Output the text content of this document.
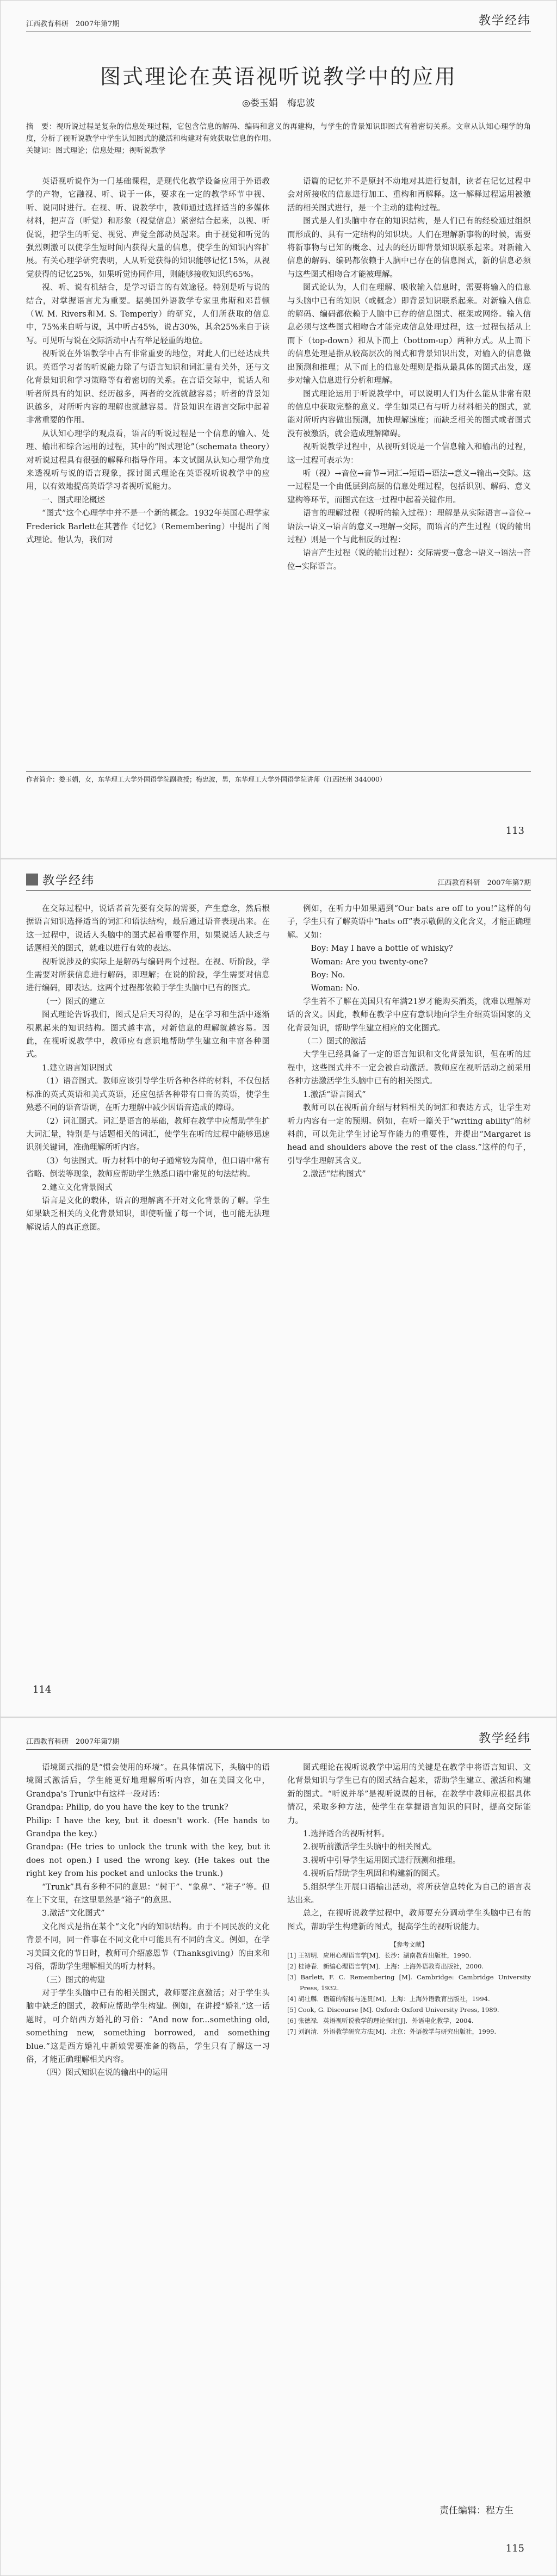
江西教育科研　2007年第7期	教学经纬
图式理论在英语视听说教学中的应用
◎娄玉娟　梅忠波
摘　要：视听说过程是复杂的信息处理过程，它包含信息的解码、编码和意义的再建构，与学生的背景知识即图式有着密切关系。文章从认知心理学的角度，分析了视听说教学中学生认知图式的激活和构建对有效获取信息的作用。
关键词：图式理论；信息处理；视听说教学

英语视听说作为一门基础课程，是现代化教学设备应用于外语教学的产物，它融视、听、说于一体，要求在一定的教学环节中视、听、说同时进行。在视、听、说教学中，教师通过选择适当的多媒体材料，把声音（听觉）和形象（视觉信息）紧密结合起来，以视、听促说，把学生的听觉、视觉、声觉全部动员起来。由于视觉和听觉的强烈刺激可以使学生短时间内获得大量的信息，使学生的知识内容扩展。有关心理学研究表明，人从听觉获得的知识能够记忆15%，从视觉获得的记忆25%，如果听觉协同作用，则能够接收知识约65%。

视、听、说有机结合，是学习语言的有效途径。特别是听与说的结合，对掌握语言尤为重要。据美国外语教学专家里弗斯和邓普顿（W. M. Rivers和M. S. Temperly）的研究，人们所获取的信息中，75%来自听与说，其中听占45%，说占30%，其余25%来自于读写。可见听与说在交际活动中占有举足轻重的地位。

视听说在外语教学中占有非常重要的地位，对此人们已经达成共识。英语学习者的听说能力除了与语言知识和词汇量有关外，还与文化背景知识和学习策略等有着密切的关系。在言语交际中，说话人和听者所具有的知识、经历越多，两者的交流就越容易；听者的背景知识越多，对所听内容的理解也就越容易。背景知识在语言交际中起着非常重要的作用。

从认知心理学的观点看，语言的听说过程是一个信息的输入、处理、输出和综合运用的过程，其中的“图式理论”（schemata theory）对听说过程具有很强的解释和指导作用。本文试图从认知心理学角度来透视听与说的语言现象，探讨图式理论在英语视听说教学中的应用，以有效地提高英语学习者视听说能力。

一、图式理论概述

“图式”这个心理学中并不是一个新的概念。1932年英国心理学家Frederick Barlett在其著作《记忆》（Remembering）中提出了图式理论。他认为，我们对

语篇的记忆并不是原封不动地对其进行复制，读者在记忆过程中会对所接收的信息进行加工、重构和再解释。这一解释过程运用被激活的相关图式进行，是一个主动的建构过程。

图式是人们头脑中存在的知识结构，是人们已有的经验通过组织而形成的、具有一定结构的知识块。人们在理解新事物的时候，需要将新事物与已知的概念、过去的经历即背景知识联系起来。对新输入信息的解码、编码都依赖于人脑中已存在的信息图式，新的信息必须与这些图式相吻合才能被理解。

图式论认为，人们在理解、吸收输入信息时，需要将输入的信息与头脑中已有的知识（或概念）即背景知识联系起来。对新输入信息的解码、编码都依赖于人脑中已存的信息图式、框架或网络。输入信息必须与这些图式相吻合才能完成信息处理过程，这一过程包括从上而下（top-down）和从下而上（bottom-up）两种方式。从上而下的信息处理是指从较高层次的图式和背景知识出发，对输入的信息做出预测和推理；从下而上的信息处理则是指从最具体的图式出发，逐步对输入信息进行分析和理解。

图式理论运用于听说教学中，可以说明人们为什么能从非常有限的信息中获取完整的意义。学生如果已有与听力材料相关的图式，就能对所听内容做出预测，加快理解速度；而缺乏相关的图式或者图式没有被激活，就会造成理解障碍。

视听说教学过程中，从视听到说是一个信息输入和输出的过程，这一过程可表示为：

听（视）→音位→音节→词汇→短语→语法→意义→输出→交际。这一过程是一个由低层到高层的信息处理过程，包括识别、解码、意义建构等环节，而图式在这一过程中起着关键作用。

语言的理解过程（视听的输入过程）：理解是从实际语言→音位→语法→语义→语言的意义→理解→交际，而语言的产生过程（说的输出过程）则是一个与此相反的过程：

语言产生过程（说的输出过程）：交际需要→意念→语义→语法→音位→实际语言。

作者简介：娄玉娟，女，东华理工大学外国语学院副教授；梅忠波，男，东华理工大学外国语学院讲师（江西抚州 344000）
113
教学经纬	江西教育科研　2007年第7期

在交际过程中，说话者首先要有交际的需要，产生意念，然后根据语言知识选择适当的词汇和语法结构，最后通过语音表现出来。在这一过程中，说话人头脑中的图式起着重要作用，如果说话人缺乏与话题相关的图式，就难以进行有效的表达。

视听说涉及的实际上是解码与编码两个过程。在视、听阶段，学生需要对所获信息进行解码，即理解；在说的阶段，学生需要对信息进行编码，即表达。这两个过程都依赖于学生头脑中已有的图式。

（一）图式的建立

图式理论告诉我们，图式是后天习得的，是在学习和生活中逐渐积累起来的知识结构。图式越丰富，对新信息的理解就越容易。因此，在视听说教学中，教师应有意识地帮助学生建立和丰富各种图式。

1.建立语言知识图式

（1）语音图式。教师应该引导学生听各种各样的材料，不仅包括标准的英式英语和美式英语，还应包括各种带有口音的英语，使学生熟悉不同的语音语调，在听力理解中减少因语音造成的障碍。

（2）词汇图式。词汇是语言的基础，教师在教学中应帮助学生扩大词汇量，特别是与话题相关的词汇，使学生在听的过程中能够迅速识别关键词，准确理解所听内容。

（3）句法图式。听力材料中的句子通常较为简单，但口语中常有省略、倒装等现象，教师应帮助学生熟悉口语中常见的句法结构。

2.建立文化背景图式

语言是文化的载体，语言的理解离不开对文化背景的了解。学生如果缺乏相关的文化背景知识，即使听懂了每一个词，也可能无法理解说话人的真正意图。

例如，在听力中如果遇到“Our bats are off to you!”这样的句子，学生只有了解英语中“hats off”表示敬佩的文化含义，才能正确理解。又如：

Boy: May I have a bottle of whisky?

Woman: Are you twenty-one?

Boy: No.

Woman: No.

学生若不了解在美国只有年满21岁才能购买酒类，就难以理解对话的含义。因此，教师在教学中应有意识地向学生介绍英语国家的文化背景知识，帮助学生建立相应的文化图式。

（二）图式的激活

大学生已经具备了一定的语言知识和文化背景知识，但在听的过程中，这些图式并不一定会被自动激活。教师应在视听活动之前采用各种方法激活学生头脑中已有的相关图式。

1.激活“语言图式”

教师可以在视听前介绍与材料相关的词汇和表达方式，让学生对听力内容有一定的预期。例如，在听一篇关于“writing ability”的材料前，可以先让学生讨论写作能力的重要性，并提出“Margaret is head and shoulders above the rest of the class.”这样的句子，引导学生理解其含义。

2.激活“结构图式”

114
江西教育科研　2007年第7期	教学经纬

语境图式指的是“惯会使用的环境”。在具体情况下，头脑中的语境图式激活后，学生能更好地理解所听内容，如在美国文化中，Grandpa's Trunk中有这样一段对话：

Grandpa: Philip, do you have the key to the trunk?

Philip: I have the key, but it doesn't work. (He hands to Grandpa the key.)

Grandpa: (He tries to unlock the trunk with the key, but it does not open.) I used the wrong key. (He takes out the right key from his pocket and unlocks the trunk.)

“Trunk”具有多种不同的意思：“树干”、“象鼻”、“箱子”等。但在上下文里，在这里显然是“箱子”的意思。

3.激活“文化图式”

文化图式是指在某个“文化”内的知识结构。由于不同民族的文化背景不同，同一件事在不同文化中可能具有不同的含义。例如，在学习美国文化的节日时，教师可介绍感恩节（Thanksgiving）的由来和习俗，帮助学生理解相关的听力材料。

（三）图式的构建

对于学生头脑中已有的相关图式，教师要注意激活；对于学生头脑中缺乏的图式，教师应帮助学生构建。例如，在讲授“婚礼”这一话题时，可介绍西方婚礼的习俗：“And now for...something old, something new, something borrowed, and something blue.”这是西方婚礼中新娘需要准备的物品，学生只有了解这一习俗，才能正确理解相关内容。

（四）图式知识在说的输出中的运用

图式理论在视听说教学中运用的关键是在教学中将语言知识、文化背景知识与学生已有的图式结合起来，帮助学生建立、激活和构建新的图式。“听说并举”是视听说课的目标，在教学中教师应根据具体情况，采取多种方法，使学生在掌握语言知识的同时，提高交际能力。

1.选择适合的视听材料。

2.视听前激活学生头脑中的相关图式。

3.视听中引导学生运用图式进行预测和推理。

4.视听后帮助学生巩固和构建新的图式。

5.组织学生开展口语输出活动，将所获信息转化为自己的语言表达出来。

总之，在视听说教学过程中，教师要充分调动学生头脑中已有的图式，帮助学生构建新的图式，提高学生的视听说能力。

【参考文献】

[1] 王初明．应用心理语言学[M]．长沙：湖南教育出版社，1990.

[2] 桂诗春．新编心理语言学[M]．上海：上海外语教育出版社，2000.

[3] Barlett, F. C. Remembering [M]. Cambridge: Cambridge University Press, 1932.

[4] 胡壮麟．语篇的衔接与连贯[M]．上海：上海外语教育出版社，1994.

[5] Cook, G. Discourse [M]. Oxford: Oxford University Press, 1989.

[6] 张德禄．英语视听说教学的理论探讨[J]．外语电化教学，2004.

[7] 刘润清．外语教学研究方法[M]．北京：外语教学与研究出版社，1999.

责任编辑：程方生
115
